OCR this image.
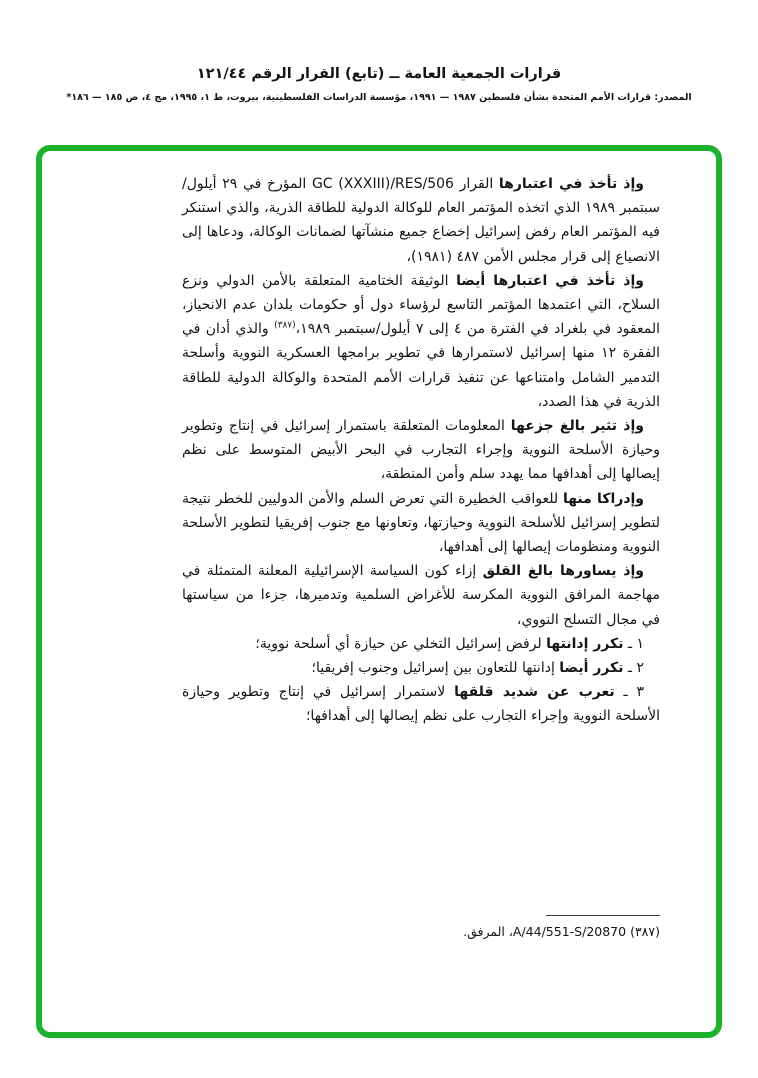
قرارات الجمعية العامة ــ (تابع) القرار الرقم ١٢١/٤٤
المصدر: قرارات الأمم المتحدة بشأن فلسطين ١٩٨٧ — ١٩٩١، مؤسسة الدراسات الفلسطينية، بيروت، ط ١، ١٩٩٥، مج ٤، ص ١٨٥ — ١٨٦*

وإذ تأخذ في اعتبارها القرار GC (XXXIII)/RES/506 المؤرخ في ٢٩ أيلول/سبتمبر ١٩٨٩ الذي اتخذه المؤتمر العام للوكالة الدولية للطاقة الذرية، والذي استنكر فيه المؤتمر العام رفض إسرائيل إخضاع جميع منشآتها لضمانات الوكالة، ودعاها إلى الانصياع إلى قرار مجلس الأمن ٤٨٧ (١٩٨١)،

وإذ تأخذ في اعتبارها أيضا الوثيقة الختامية المتعلقة بالأمن الدولي ونزع السلاح، التي اعتمدها المؤتمر التاسع لرؤساء دول أو حكومات بلدان عدم الانحياز، المعقود في بلغراد في الفترة من ٤ إلى ٧ أيلول/سبتمبر ١٩٨٩،$^{(٣٨٧)}$ والذي أدان في الفقرة ١٢ منها إسرائيل لاستمرارها في تطوير برامجها العسكرية النووية وأسلحة التدمير الشامل وامتناعها عن تنفيذ قرارات الأمم المتحدة والوكالة الدولية للطاقة الذرية في هذا الصدد،

وإذ تثير بالغ جزعها المعلومات المتعلقة باستمرار إسرائيل في إنتاج وتطوير وحيازة الأسلحة النووية وإجراء التجارب في البحر الأبيض المتوسط على نظم إيصالها إلى أهدافها مما يهدد سلم وأمن المنطقة،

وإدراكا منها للعواقب الخطيرة التي تعرض السلم والأمن الدوليين للخطر نتيجة لتطوير إسرائيل للأسلحة النووية وحيازتها، وتعاونها مع جنوب إفريقيا لتطوير الأسلحة النووية ومنظومات إيصالها إلى أهدافها،

وإذ يساورها بالغ القلق إزاء كون السياسة الإسرائيلية المعلنة المتمثلة في مهاجمة المرافق النووية المكرسة للأغراض السلمية وتدميرها، جزءا من سياستها في مجال التسلح النووي،

١ ـ تكرر إدانتها لرفض إسرائيل التخلي عن حيازة أي أسلحة نووية؛

٢ ـ تكرر أيضا إدانتها للتعاون بين إسرائيل وجنوب إفريقيا؛

٣ ـ تعرب عن شديد قلقها لاستمرار إسرائيل في إنتاج وتطوير وحيازة الأسلحة النووية وإجراء التجارب على نظم إيصالها إلى أهدافها؛

(٣٨٧) A/44/551-S/20870، المرفق.
